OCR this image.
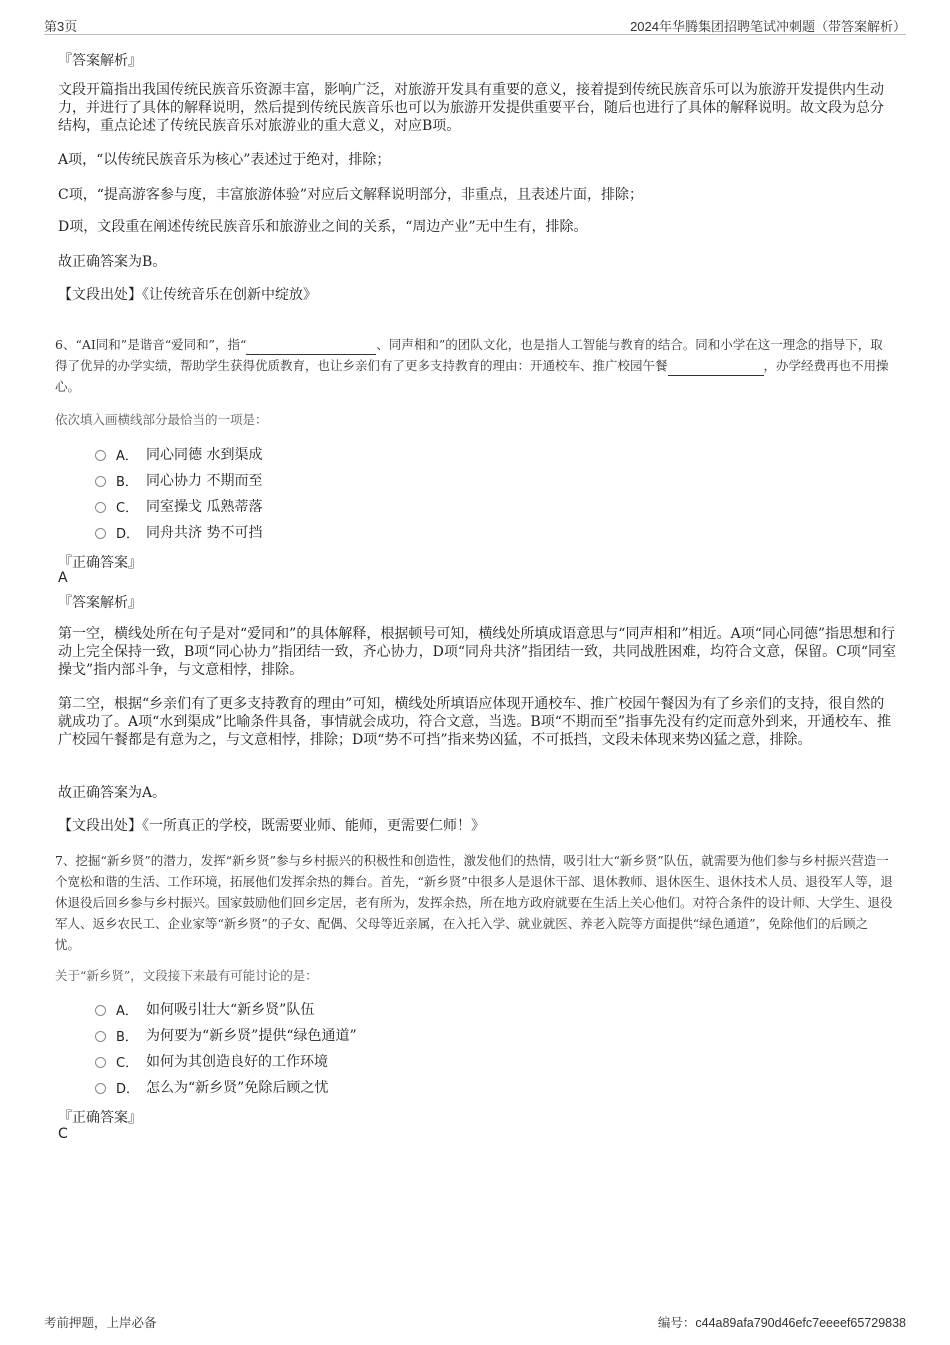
第3页	2024年华腾集团招聘笔试冲刺题（带答案解析）
『答案解析』

文段开篇指出我国传统民族音乐资源丰富，影响广泛，对旅游开发具有重要的意义，接着提到传统民族音乐可以为旅游开发提供内生动力，并进行了具体的解释说明，然后提到传统民族音乐也可以为旅游开发提供重要平台，随后也进行了具体的解释说明。故文段为总分结构，重点论述了传统民族音乐对旅游业的重大意义，对应B项。

A项，“以传统民族音乐为核心”表述过于绝对，排除；

C项，“提高游客参与度，丰富旅游体验”对应后文解释说明部分，非重点，且表述片面，排除；

D项，文段重在阐述传统民族音乐和旅游业之间的关系，“周边产业”无中生有，排除。

故正确答案为B。

【文段出处】《让传统音乐在创新中绽放》

6、“AI同和”是谐音“爱同和”，指“	、同声相和”的团队文化，也是指人工智能与教育的结合。同和小学在这一理念的指导下，取得了优异的办学实绩，帮助学生获得优质教育，也让乡亲们有了更多支持教育的理由：开通校车、推广校园午餐	，办学经费再也不用操心。

依次填入画横线部分最恰当的一项是：
A． 同心同德 水到渠成
B． 同心协力 不期而至
C． 同室操戈 瓜熟蒂落
D． 同舟共济 势不可挡
『正确答案』
A
『答案解析』

第一空，横线处所在句子是对“爱同和”的具体解释，根据顿号可知，横线处所填成语意思与“同声相和”相近。A项“同心同德”指思想和行动上完全保持一致，B项“同心协力”指团结一致，齐心协力，D项“同舟共济”指团结一致，共同战胜困难，均符合文意，保留。C项“同室操戈”指内部斗争，与文意相悖，排除。

第二空，根据“乡亲们有了更多支持教育的理由”可知，横线处所填语应体现开通校车、推广校园午餐因为有了乡亲们的支持，很自然的就成功了。A项“水到渠成”比喻条件具备，事情就会成功，符合文意，当选。B项“不期而至”指事先没有约定而意外到来，开通校车、推广校园午餐都是有意为之，与文意相悖，排除；D项“势不可挡”指来势凶猛，不可抵挡，文段未体现来势凶猛之意，排除。

故正确答案为A。

【文段出处】《一所真正的学校，既需要业师、能师，更需要仁师！》

7、挖掘“新乡贤”的潜力，发挥“新乡贤”参与乡村振兴的积极性和创造性，激发他们的热情，吸引壮大“新乡贤”队伍，就需要为他们参与乡村振兴营造一个宽松和谐的生活、工作环境，拓展他们发挥余热的舞台。首先，“新乡贤”中很多人是退休干部、退休教师、退休医生、退休技术人员、退役军人等，退休退役后回乡参与乡村振兴。国家鼓励他们回乡定居，老有所为，发挥余热，所在地方政府就要在生活上关心他们。对符合条件的设计师、大学生、退役军人、返乡农民工、企业家等“新乡贤”的子女、配偶、父母等近亲属，在入托入学、就业就医、养老入院等方面提供“绿色通道”，免除他们的后顾之忧。

关于“新乡贤”，文段接下来最有可能讨论的是：
A． 如何吸引壮大“新乡贤”队伍
B． 为何要为“新乡贤”提供“绿色通道”
C． 如何为其创造良好的工作环境
D． 怎么为“新乡贤”免除后顾之忧
『正确答案』
C
考前押题，上岸必备	编号：c44a89afa790d46efc7eeeef65729838
